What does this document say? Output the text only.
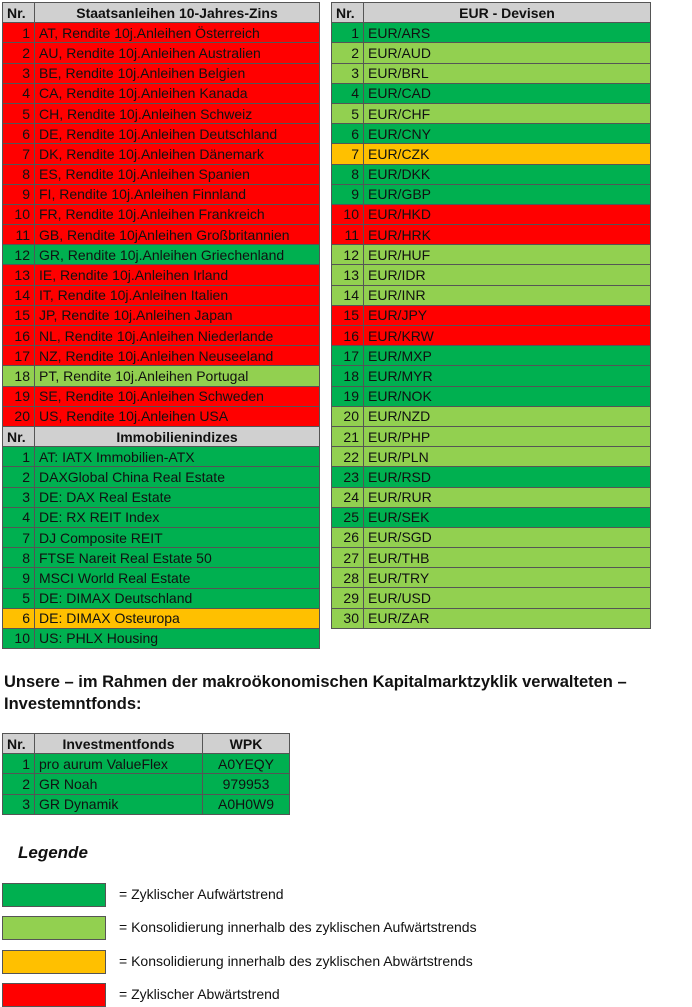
Nr.	Staatsanleihen 10-Jahres-Zins
1	AT, Rendite 10j.Anleihen Österreich
2	AU, Rendite 10j.Anleihen Australien
3	BE, Rendite 10j.Anleihen Belgien
4	CA, Rendite 10j.Anleihen Kanada
5	CH, Rendite 10j.Anleihen Schweiz
6	DE, Rendite 10j.Anleihen Deutschland
7	DK, Rendite 10j.Anleihen Dänemark
8	ES, Rendite 10j.Anleihen Spanien
9	FI, Rendite 10j.Anleihen Finnland
10	FR, Rendite 10j.Anleihen Frankreich
11	GB, Rendite 10jAnleihen Großbritannien
12	GR, Rendite 10j.Anleihen Griechenland
13	IE, Rendite 10j.Anleihen Irland
14	IT, Rendite 10j.Anleihen Italien
15	JP, Rendite 10j.Anleihen Japan
16	NL, Rendite 10j.Anleihen Niederlande
17	NZ, Rendite 10j.Anleihen Neuseeland
18	PT, Rendite 10j.Anleihen Portugal
19	SE, Rendite 10j.Anleihen Schweden
20	US, Rendite 10j.Anleihen USA
Nr.	Immobilienindizes
1	AT: IATX Immobilien-ATX
2	DAXGlobal China Real Estate
3	DE: DAX Real Estate
4	DE: RX REIT Index
7	DJ Composite REIT
8	FTSE Nareit Real Estate 50
9	MSCI World Real Estate
5	DE: DIMAX Deutschland
6	DE: DIMAX Osteuropa
10	US: PHLX Housing
Nr.	EUR - Devisen
1	EUR/ARS
2	EUR/AUD
3	EUR/BRL
4	EUR/CAD
5	EUR/CHF
6	EUR/CNY
7	EUR/CZK
8	EUR/DKK
9	EUR/GBP
10	EUR/HKD
11	EUR/HRK
12	EUR/HUF
13	EUR/IDR
14	EUR/INR
15	EUR/JPY
16	EUR/KRW
17	EUR/MXP
18	EUR/MYR
19	EUR/NOK
20	EUR/NZD
21	EUR/PHP
22	EUR/PLN
23	EUR/RSD
24	EUR/RUR
25	EUR/SEK
26	EUR/SGD
27	EUR/THB
28	EUR/TRY
29	EUR/USD
30	EUR/ZAR
Unsere – im Rahmen der makroökonomischen Kapitalmarktzyklik verwalteten – Investemntfonds:
Nr.	Investmentfonds	WPK
1	pro aurum ValueFlex	A0YEQY
2	GR Noah	979953
3	GR Dynamik	A0H0W9
Legende
= Zyklischer Aufwärtstrend
= Konsolidierung innerhalb des zyklischen Aufwärtstrends
= Konsolidierung innerhalb des zyklischen Abwärtstrends
= Zyklischer Abwärtstrend
